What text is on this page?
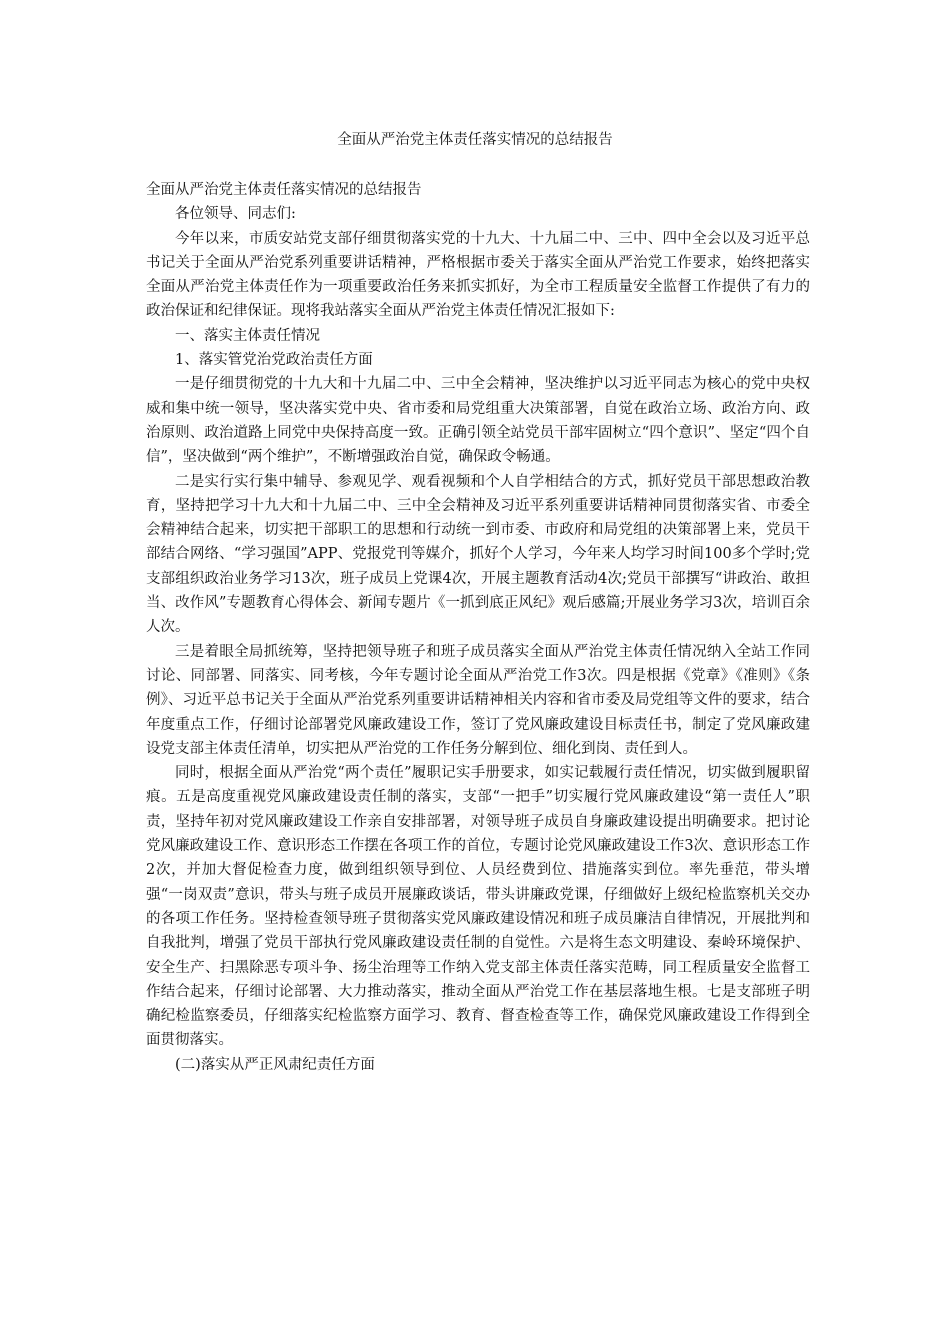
全面从严治党主体责任落实情况的总结报告

全面从严治党主体责任落实情况的总结报告

各位领导、同志们:

今年以来，市质安站党支部仔细贯彻落实党的十九大、十九届二中、三中、四中全会以及习近平总书记关于全面从严治党系列重要讲话精神，严格根据市委关于落实全面从严治党工作要求，始终把落实全面从严治党主体责任作为一项重要政治任务来抓实抓好，为全市工程质量安全监督工作提供了有力的政治保证和纪律保证。现将我站落实全面从严治党主体责任情况汇报如下:

一、落实主体责任情况

1、落实管党治党政治责任方面

一是仔细贯彻党的十九大和十九届二中、三中全会精神，坚决维护以习近平同志为核心的党中央权威和集中统一领导，坚决落实党中央、省市委和局党组重大决策部署，自觉在政治立场、政治方向、政治原则、政治道路上同党中央保持高度一致。正确引领全站党员干部牢固树立“四个意识”、坚定“四个自信”，坚决做到“两个维护”，不断增强政治自觉，确保政令畅通。

二是实行实行集中辅导、参观见学、观看视频和个人自学相结合的方式，抓好党员干部思想政治教育，坚持把学习十九大和十九届二中、三中全会精神及习近平系列重要讲话精神同贯彻落实省、市委全会精神结合起来，切实把干部职工的思想和行动统一到市委、市政府和局党组的决策部署上来，党员干部结合网络、“学习强国”APP、党报党刊等媒介，抓好个人学习，今年来人均学习时间100多个学时;党支部组织政治业务学习13次，班子成员上党课4次，开展主题教育活动4次;党员干部撰写“讲政治、敢担当、改作风”专题教育心得体会、新闻专题片《一抓到底正风纪》观后感篇;开展业务学习3次，培训百余人次。

三是着眼全局抓统筹，坚持把领导班子和班子成员落实全面从严治党主体责任情况纳入全站工作同讨论、同部署、同落实、同考核，今年专题讨论全面从严治党工作3次。四是根据《党章》《准则》《条例》、习近平总书记关于全面从严治党系列重要讲话精神相关内容和省市委及局党组等文件的要求，结合年度重点工作，仔细讨论部署党风廉政建设工作，签订了党风廉政建设目标责任书，制定了党风廉政建设党支部主体责任清单，切实把从严治党的工作任务分解到位、细化到岗、责任到人。

同时，根据全面从严治党“两个责任”履职记实手册要求，如实记载履行责任情况，切实做到履职留痕。五是高度重视党风廉政建设责任制的落实，支部“一把手”切实履行党风廉政建设“第一责任人”职责，坚持年初对党风廉政建设工作亲自安排部署，对领导班子成员自身廉政建设提出明确要求。把讨论党风廉政建设工作、意识形态工作摆在各项工作的首位，专题讨论党风廉政建设工作3次、意识形态工作2次，并加大督促检查力度，做到组织领导到位、人员经费到位、措施落实到位。率先垂范，带头增强“一岗双责”意识，带头与班子成员开展廉政谈话，带头讲廉政党课，仔细做好上级纪检监察机关交办的各项工作任务。坚持检查领导班子贯彻落实党风廉政建设情况和班子成员廉洁自律情况，开展批判和自我批判，增强了党员干部执行党风廉政建设责任制的自觉性。六是将生态文明建设、秦岭环境保护、安全生产、扫黑除恶专项斗争、扬尘治理等工作纳入党支部主体责任落实范畴，同工程质量安全监督工作结合起来，仔细讨论部署、大力推动落实，推动全面从严治党工作在基层落地生根。七是支部班子明确纪检监察委员，仔细落实纪检监察方面学习、教育、督查检查等工作，确保党风廉政建设工作得到全面贯彻落实。

(二)落实从严正风肃纪责任方面
